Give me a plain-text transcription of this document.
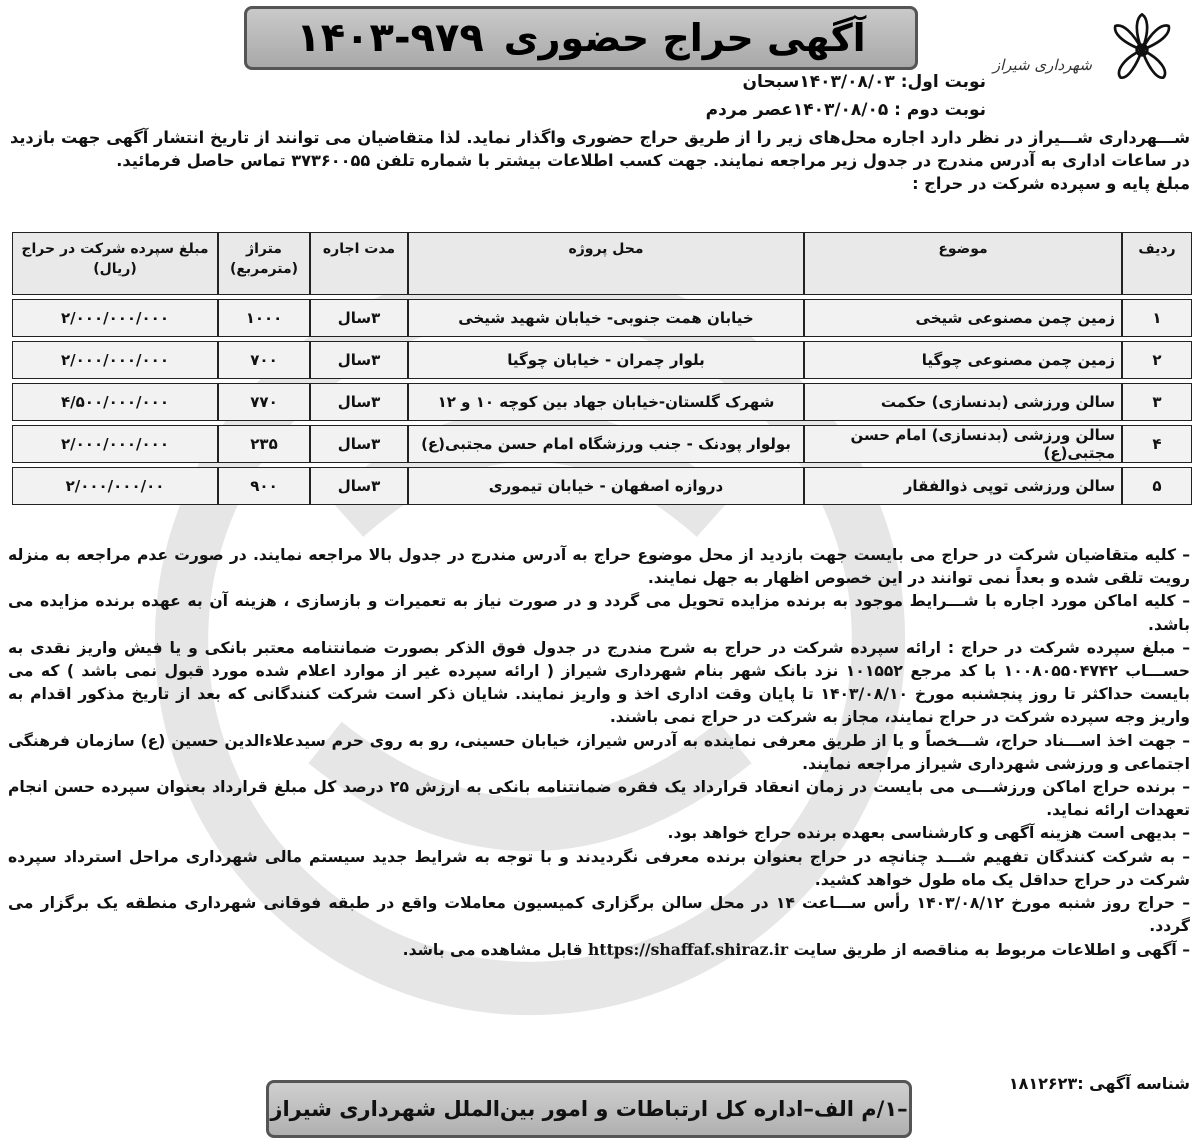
شهرداری شیراز
آگهی حراج حضوری
۱۴۰۳-۹۷۹
نوبت اول: ۱۴۰۳/۰۸/۰۳سبحان
نوبت دوم : ۱۴۰۳/۰۸/۰۵عصر مردم

شـــهرداری شـــیراز در نظر دارد اجاره محل‌های زیر را از طریق حراج حضوری واگذار نماید. لذا متقاضیان می توانند از تاریخ انتشار آگهی جهت بازدید در ساعات اداری به آدرس مندرج در جدول زیر مراجعه نمایند. جهت کسب اطلاعات بیشتر با شماره تلفن ۳۷۳۶۰۰۵۵ تماس حاصل فرمائید.

مبلغ پایه و سپرده شرکت در حراج :

ردیف	موضوع	محل پروژه	مدت اجاره	متراژ (مترمربع)	مبلغ سپرده شرکت در حراج (ریال)
۱	زمین چمن مصنوعی شیخی	خیابان همت جنوبی- خیابان شهید شیخی	۳سال	۱۰۰۰	۲/۰۰۰/۰۰۰/۰۰۰
۲	زمین چمن مصنوعی چوگیا	بلوار چمران - خیابان چوگیا	۳سال	۷۰۰	۲/۰۰۰/۰۰۰/۰۰۰
۳	سالن ورزشی (بدنسازی) حکمت	شهرک گلستان-خیابان جهاد بین کوچه ۱۰ و ۱۲	۳سال	۷۷۰	۴/۵۰۰/۰۰۰/۰۰۰
۴	سالن ورزشی (بدنسازی) امام حسن مجتبی(ع)	بولوار پودنک - جنب ورزشگاه امام حسن مجتبی(ع)	۳سال	۲۳۵	۲/۰۰۰/۰۰۰/۰۰۰
۵	سالن ورزشی توپی ذوالفقار	دروازه اصفهان - خیابان تیموری	۳سال	۹۰۰	۲/۰۰۰/۰۰۰/۰۰

– کلیه متقاضیان شرکت در حراج می بایست جهت بازدید از محل موضوع حراج به آدرس مندرج در جدول بالا مراجعه نمایند. در صورت عدم مراجعه به منزله رویت تلقی شده و بعداً نمی توانند در این خصوص اظهار به جهل نمایند.

– کلیه اماکن مورد اجاره با شـــرایط موجود به برنده مزایده تحویل می گردد و در صورت نیاز به تعمیرات و بازسازی ، هزینه آن به عهده برنده مزایده می باشد.

– مبلغ سپرده شرکت در حراج : ارائه سپرده شرکت در حراج به شرح مندرج در جدول فوق الذکر بصورت ضمانتنامه معتبر بانکی و یا فیش واریز نقدی به حســـاب ۱۰۰۸۰۵۵۰۴۷۴۲ با کد مرجع ۱۰۱۵۵۲ نزد بانک شهر بنام شهرداری شیراز ( ارائه سپرده غیر از موارد اعلام شده مورد قبول نمی باشد ) که می بایست حداکثر تا روز پنجشنبه مورخ ۱۴۰۳/۰۸/۱۰ تا پایان وقت اداری اخذ و واریز نمایند. شایان ذکر است شرکت کنندگانی که بعد از تاریخ مذکور اقدام به واریز وجه سپرده شرکت در حراج نمایند، مجاز به شرکت در حراج نمی باشند.

– جهت اخذ اســـناد حراج، شـــخصاً و یا از طریق معرفی نماینده به آدرس شیراز، خیابان حسینی، رو به روی حرم سیدعلاءالدین حسین (ع) سازمان فرهنگی اجتماعی و ورزشی شهرداری شیراز مراجعه نمایند.

– برنده حراج اماکن ورزشـــی می بایست در زمان انعقاد قرارداد یک فقره ضمانتنامه بانکی به ارزش ۲۵ درصد کل مبلغ قرارداد بعنوان سپرده حسن انجام تعهدات ارائه نماید.

– بدیهی است هزینه آگهی و کارشناسی بعهده برنده حراج خواهد بود.

– به شرکت کنندگان تفهیم شـــد چنانچه در حراج بعنوان برنده معرفی نگردیدند و با توجه به شرایط جدید سیستم مالی شهرداری مراحل استرداد سپرده شرکت در حراج حداقل یک ماه طول خواهد کشید.

– حراج روز شنبه مورخ ۱۴۰۳/۰۸/۱۲ رأس ســـاعت ۱۴ در محل سالن برگزاری کمیسیون معاملات واقع در طبقه فوقانی شهرداری منطقه یک برگزار می گردد.

– آگهی و اطلاعات مربوط به مناقصه از طریق سایت https://shaffaf.shiraz.ir قابل مشاهده می باشد.

شناسه آگهی :۱۸۱۲۶۲۳
–۱/م الف–اداره کل ارتباطات و امور بین‌الملل شهرداری شیراز
